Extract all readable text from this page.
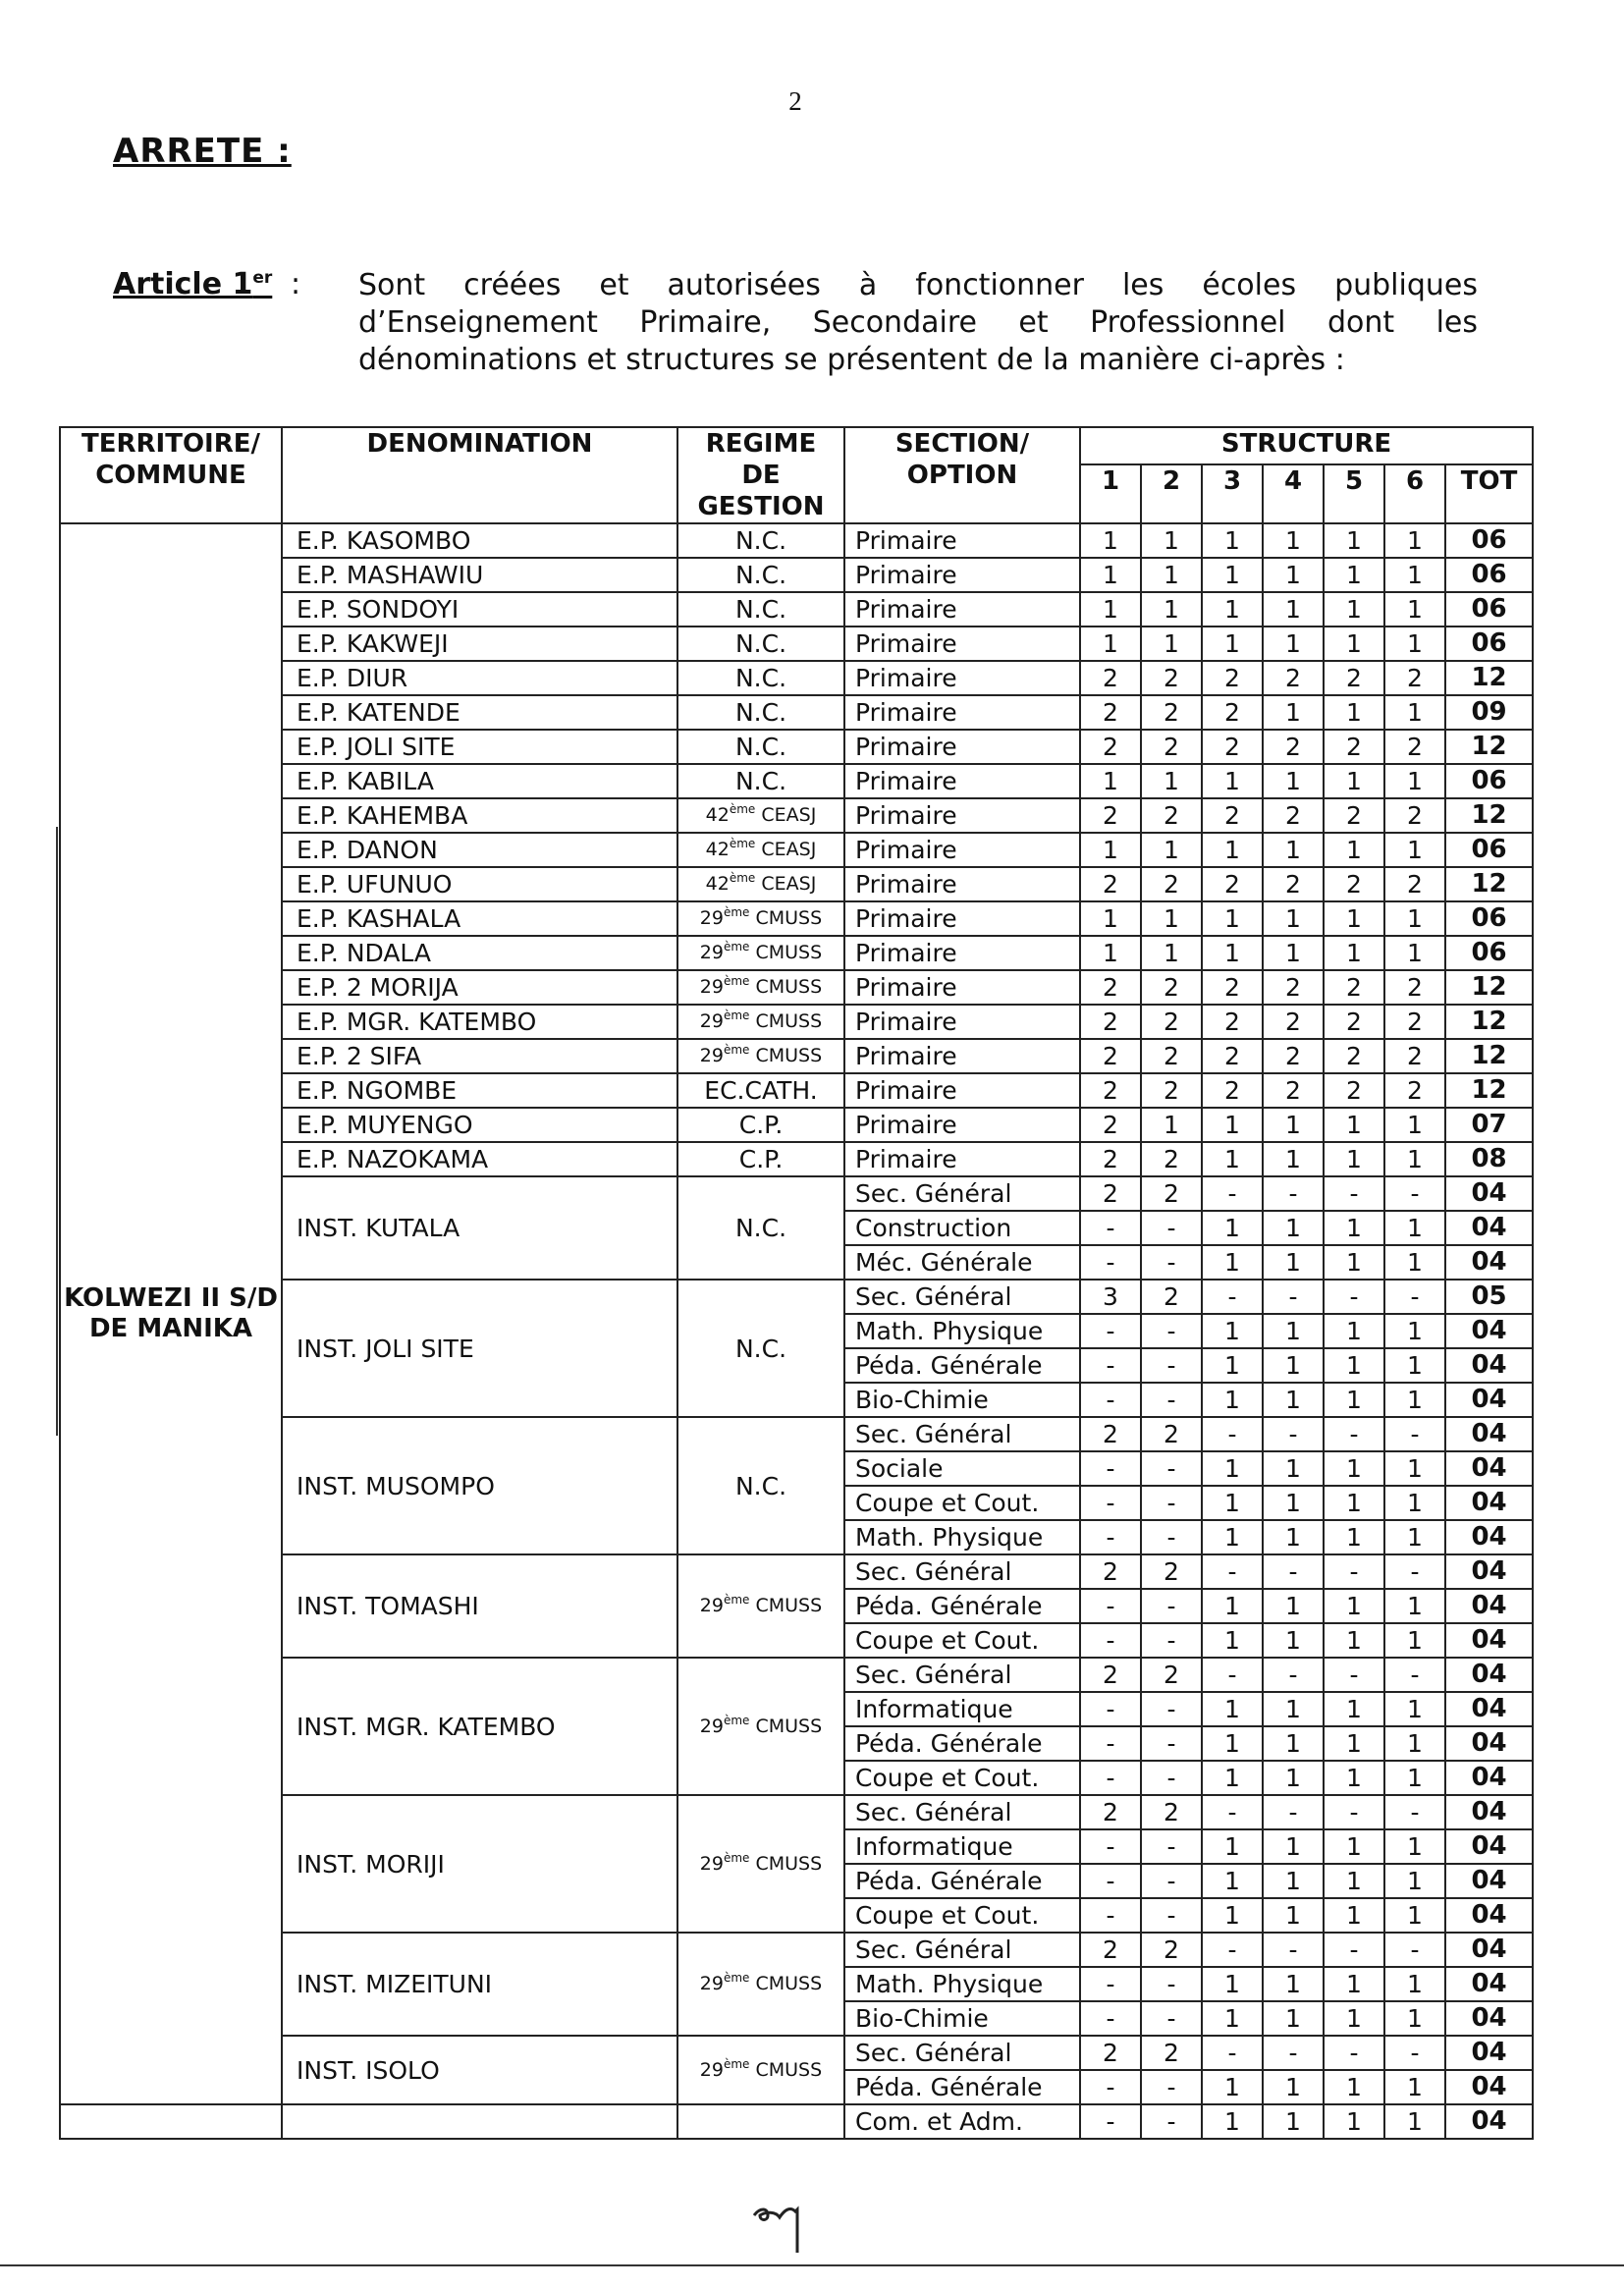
2
ARRETE :
Article 1er : Sont créées et autorisées à fonctionner les écoles publiques d’Enseignement Primaire, Secondaire et Professionnel dont les dénominations et structures se présentent de la manière ci-après :
TERRITOIRE/ COMMUNE	DENOMINATION	REGIME DE GESTION	SECTION/ OPTION	STRUCTURE						
				1	2	3	4	5	6	TOT
KOLWEZI II S/D DE MANIKA	E.P. KASOMBO	N.C.	Primaire	1	1	1	1	1	1	06
	E.P. MASHAWIU	N.C.	Primaire	1	1	1	1	1	1	06
	E.P. SONDOYI	N.C.	Primaire	1	1	1	1	1	1	06
	E.P. KAKWEJI	N.C.	Primaire	1	1	1	1	1	1	06
	E.P. DIUR	N.C.	Primaire	2	2	2	2	2	2	12
	E.P. KATENDE	N.C.	Primaire	2	2	2	1	1	1	09
	E.P. JOLI SITE	N.C.	Primaire	2	2	2	2	2	2	12
	E.P. KABILA	N.C.	Primaire	1	1	1	1	1	1	06
	E.P. KAHEMBA	42ème CEASJ	Primaire	2	2	2	2	2	2	12
	E.P. DANON	42ème CEASJ	Primaire	1	1	1	1	1	1	06
	E.P. UFUNUO	42ème CEASJ	Primaire	2	2	2	2	2	2	12
	E.P. KASHALA	29ème CMUSS	Primaire	1	1	1	1	1	1	06
	E.P. NDALA	29ème CMUSS	Primaire	1	1	1	1	1	1	06
	E.P. 2 MORIJA	29ème CMUSS	Primaire	2	2	2	2	2	2	12
	E.P. MGR. KATEMBO	29ème CMUSS	Primaire	2	2	2	2	2	2	12
	E.P. 2 SIFA	29ème CMUSS	Primaire	2	2	2	2	2	2	12
	E.P. NGOMBE	EC.CATH.	Primaire	2	2	2	2	2	2	12
	E.P. MUYENGO	C.P.	Primaire	2	1	1	1	1	1	07
	E.P. NAZOKAMA	C.P.	Primaire	2	2	1	1	1	1	08
	INST. KUTALA	N.C.	Sec. Général	2	2	-	-	-	-	04
			Construction	-	-	1	1	1	1	04
			Méc. Générale	-	-	1	1	1	1	04
	INST. JOLI SITE	N.C.	Sec. Général	3	2	-	-	-	-	05
			Math. Physique	-	-	1	1	1	1	04
			Péda. Générale	-	-	1	1	1	1	04
			Bio-Chimie	-	-	1	1	1	1	04
	INST. MUSOMPO	N.C.	Sec. Général	2	2	-	-	-	-	04
			Sociale	-	-	1	1	1	1	04
			Coupe et Cout.	-	-	1	1	1	1	04
			Math. Physique	-	-	1	1	1	1	04
	INST. TOMASHI	29ème CMUSS	Sec. Général	2	2	-	-	-	-	04
			Péda. Générale	-	-	1	1	1	1	04
			Coupe et Cout.	-	-	1	1	1	1	04
	INST. MGR. KATEMBO	29ème CMUSS	Sec. Général	2	2	-	-	-	-	04
			Informatique	-	-	1	1	1	1	04
			Péda. Générale	-	-	1	1	1	1	04
			Coupe et Cout.	-	-	1	1	1	1	04
	INST. MORIJI	29ème CMUSS	Sec. Général	2	2	-	-	-	-	04
			Informatique	-	-	1	1	1	1	04
			Péda. Générale	-	-	1	1	1	1	04
			Coupe et Cout.	-	-	1	1	1	1	04
	INST. MIZEITUNI	29ème CMUSS	Sec. Général	2	2	-	-	-	-	04
			Math. Physique	-	-	1	1	1	1	04
			Bio-Chimie	-	-	1	1	1	1	04
	INST. ISOLO	29ème CMUSS	Sec. Général	2	2	-	-	-	-	04
			Péda. Générale	-	-	1	1	1	1	04
			Com. et Adm.	-	-	1	1	1	1	04
